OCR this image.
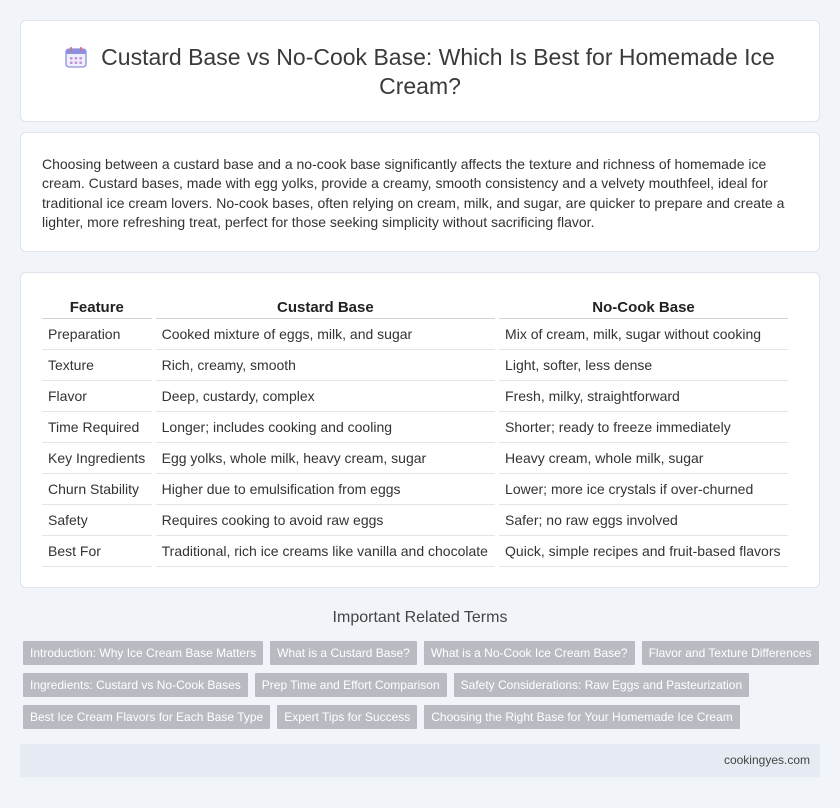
Custard Base vs No-Cook Base: Which Is Best for Homemade Ice Cream?
Choosing between a custard base and a no-cook base significantly affects the texture and richness of homemade ice cream. Custard bases, made with egg yolks, provide a creamy, smooth consistency and a velvety mouthfeel, ideal for traditional ice cream lovers. No-cook bases, often relying on cream, milk, and sugar, are quicker to prepare and create a lighter, more refreshing treat, perfect for those seeking simplicity without sacrificing flavor.
Feature	Custard Base	No-Cook Base
Preparation	Cooked mixture of eggs, milk, and sugar	Mix of cream, milk, sugar without cooking
Texture	Rich, creamy, smooth	Light, softer, less dense
Flavor	Deep, custardy, complex	Fresh, milky, straightforward
Time Required	Longer; includes cooking and cooling	Shorter; ready to freeze immediately
Key Ingredients	Egg yolks, whole milk, heavy cream, sugar	Heavy cream, whole milk, sugar
Churn Stability	Higher due to emulsification from eggs	Lower; more ice crystals if over-churned
Safety	Requires cooking to avoid raw eggs	Safer; no raw eggs involved
Best For	Traditional, rich ice creams like vanilla and chocolate	Quick, simple recipes and fruit-based flavors
Important Related Terms
Introduction: Why Ice Cream Base Matters	What is a Custard Base?	What is a No-Cook Ice Cream Base?	Flavor and Texture Differences
Ingredients: Custard vs No-Cook Bases	Prep Time and Effort Comparison	Safety Considerations: Raw Eggs and Pasteurization
Best Ice Cream Flavors for Each Base Type	Expert Tips for Success	Choosing the Right Base for Your Homemade Ice Cream
cookingyes.com
